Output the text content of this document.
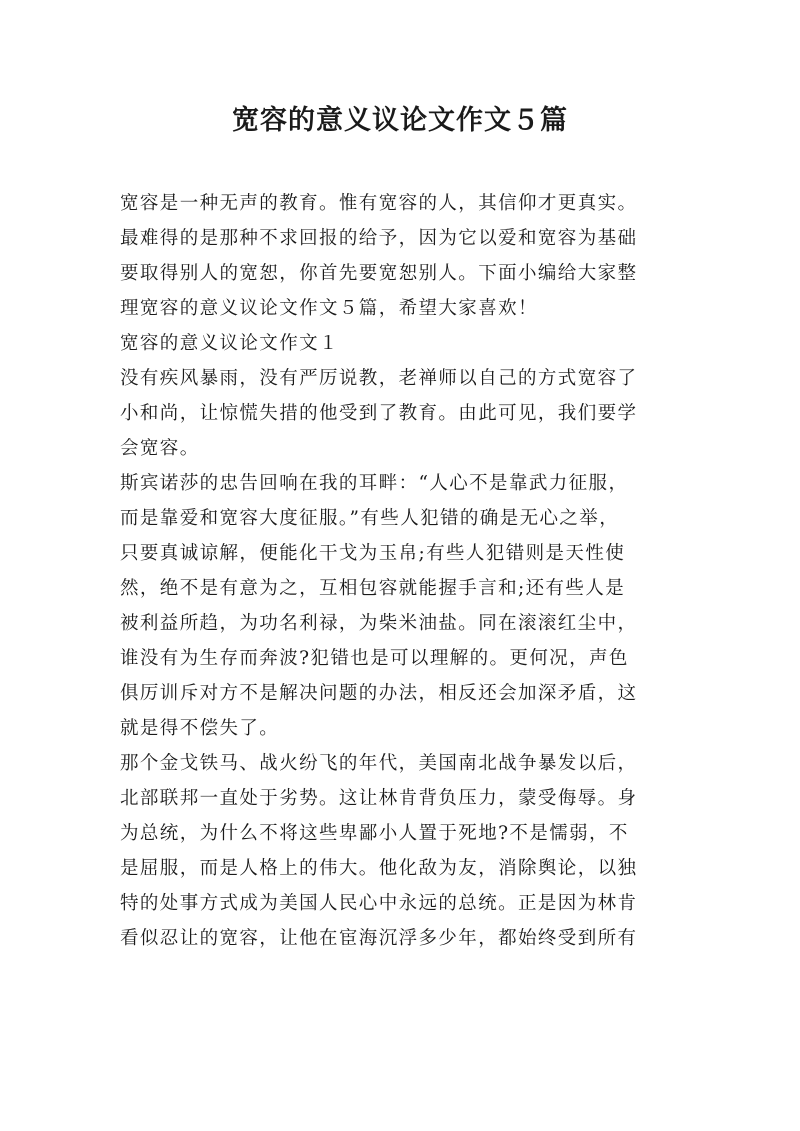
宽容的意义议论文作文５篇
宽容是一种无声的教育。惟有宽容的人，其信仰才更真实。
最难得的是那种不求回报的给予，因为它以爱和宽容为基础
要取得别人的宽恕，你首先要宽恕别人。下面小编给大家整
理宽容的意义议论文作文５篇，希望大家喜欢！
宽容的意义议论文作文１
没有疾风暴雨，没有严厉说教，老禅师以自己的方式宽容了
小和尚，让惊慌失措的他受到了教育。由此可见，我们要学
会宽容。
斯宾诺莎的忠告回响在我的耳畔：“人心不是靠武力征服，
而是靠爱和宽容大度征服。”有些人犯错的确是无心之举，
只要真诚谅解，便能化干戈为玉帛;有些人犯错则是天性使
然，绝不是有意为之，互相包容就能握手言和;还有些人是
被利益所趋，为功名利禄，为柴米油盐。同在滚滚红尘中，
谁没有为生存而奔波?犯错也是可以理解的。更何况，声色
俱厉训斥对方不是解决问题的办法，相反还会加深矛盾，这
就是得不偿失了。
那个金戈铁马、战火纷飞的年代，美国南北战争暴发以后，
北部联邦一直处于劣势。这让林肯背负压力，蒙受侮辱。身
为总统，为什么不将这些卑鄙小人置于死地?不是懦弱，不
是屈服，而是人格上的伟大。他化敌为友，消除舆论，以独
特的处事方式成为美国人民心中永远的总统。正是因为林肯
看似忍让的宽容，让他在宦海沉浮多少年，都始终受到所有
